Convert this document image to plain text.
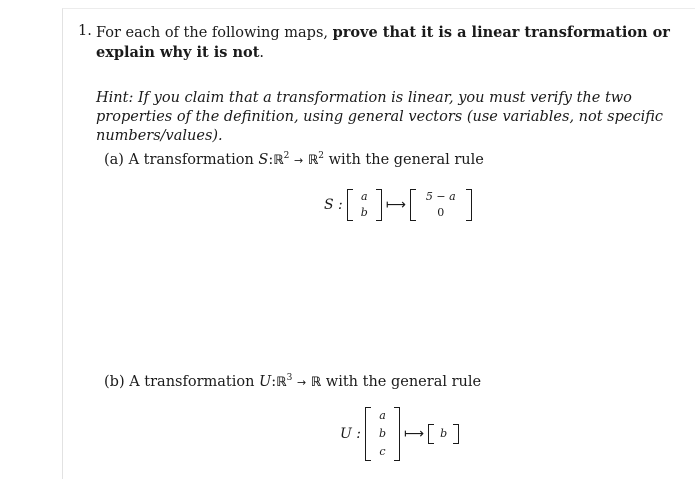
1. For each of the following maps, prove that it is a linear transformation or explain why it is not.
Hint: If you claim that a transformation is linear, you must verify the two properties of the definition, using general vectors (use variables, not specific numbers/values).
(a) A transformation S:ℝ$^2$ → ℝ$^2$ with the general rule
S :
a
b ⟼
5 − a
0
(b) A transformation U:ℝ$^3$ → ℝ with the general rule
U :
a
b
c
⟼ b
